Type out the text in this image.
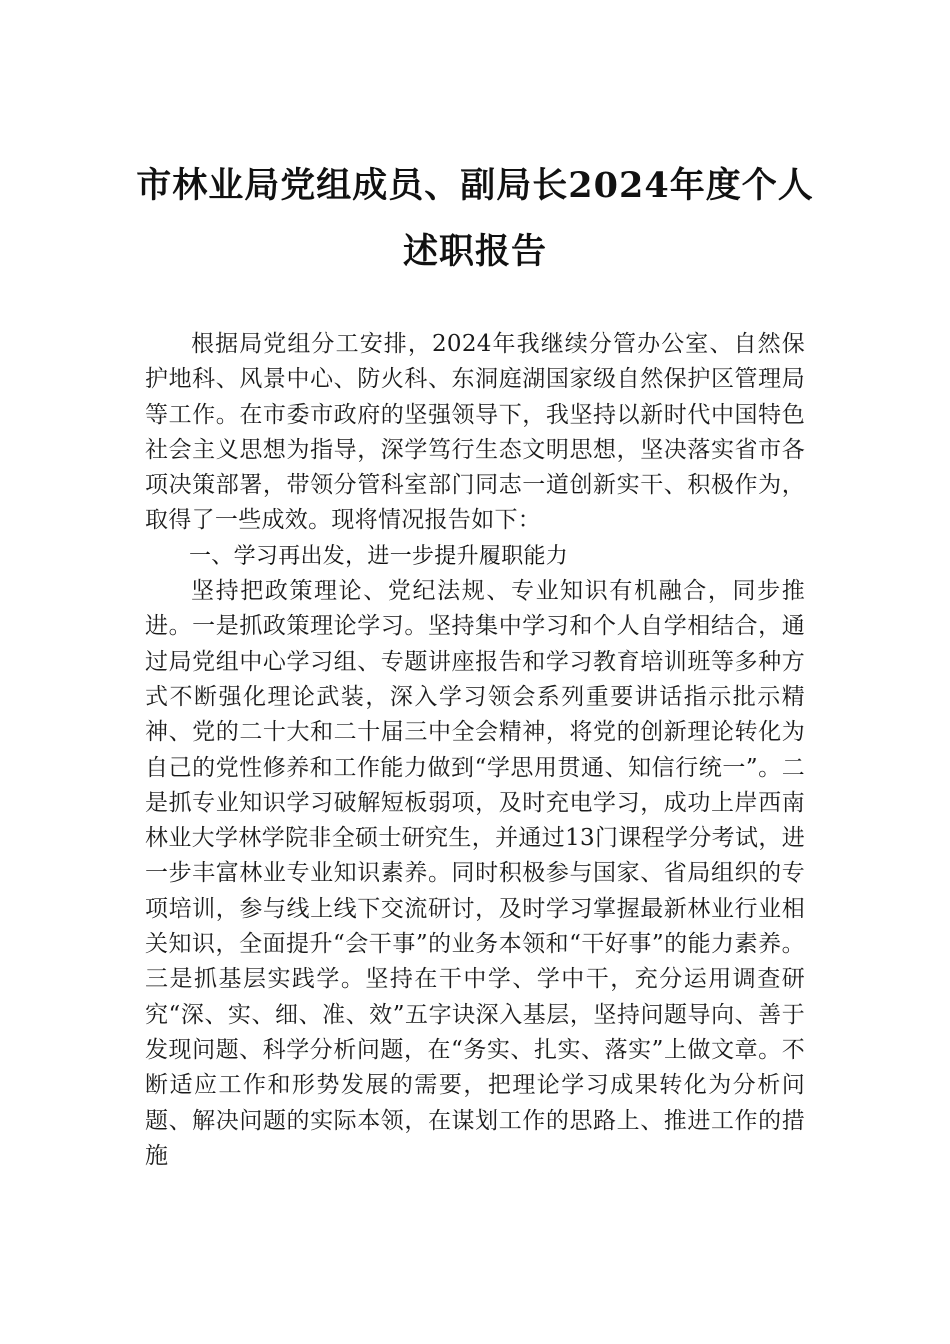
市林业局党组成员、副局长2024年度个人
述职报告

根据局党组分工安排，2024年我继续分管办公室、自然保护地科、风景中心、防火科、东洞庭湖国家级自然保护区管理局等工作。在市委市政府的坚强领导下，我坚持以新时代中国特色社会主义思想为指导，深学笃行生态文明思想，坚决落实省市各项决策部署，带领分管科室部门同志一道创新实干、积极作为，取得了一些成效。现将情况报告如下：

一、学习再出发，进一步提升履职能力

坚持把政策理论、党纪法规、专业知识有机融合，同步推进。一是抓政策理论学习。坚持集中学习和个人自学相结合，通过局党组中心学习组、专题讲座报告和学习教育培训班等多种方式不断强化理论武装，深入学习领会系列重要讲话指示批示精神、党的二十大和二十届三中全会精神，将党的创新理论转化为自己的党性修养和工作能力做到“学思用贯通、知信行统一”。二是抓专业知识学习破解短板弱项，及时充电学习，成功上岸西南林业大学林学院非全硕士研究生，并通过13门课程学分考试，进一步丰富林业专业知识素养。同时积极参与国家、省局组织的专项培训，参与线上线下交流研讨，及时学习掌握最新林业行业相关知识，全面提升“会干事”的业务本领和“干好事”的能力素养。三是抓基层实践学。坚持在干中学、学中干，充分运用调查研究“深、实、细、准、效”五字诀深入基层，坚持问题导向、善于发现问题、科学分析问题，在“务实、扎实、落实”上做文章。不断适应工作和形势发展的需要，把理论学习成果转化为分析问题、解决问题的实际本领，在谋划工作的思路上、推进工作的措施
